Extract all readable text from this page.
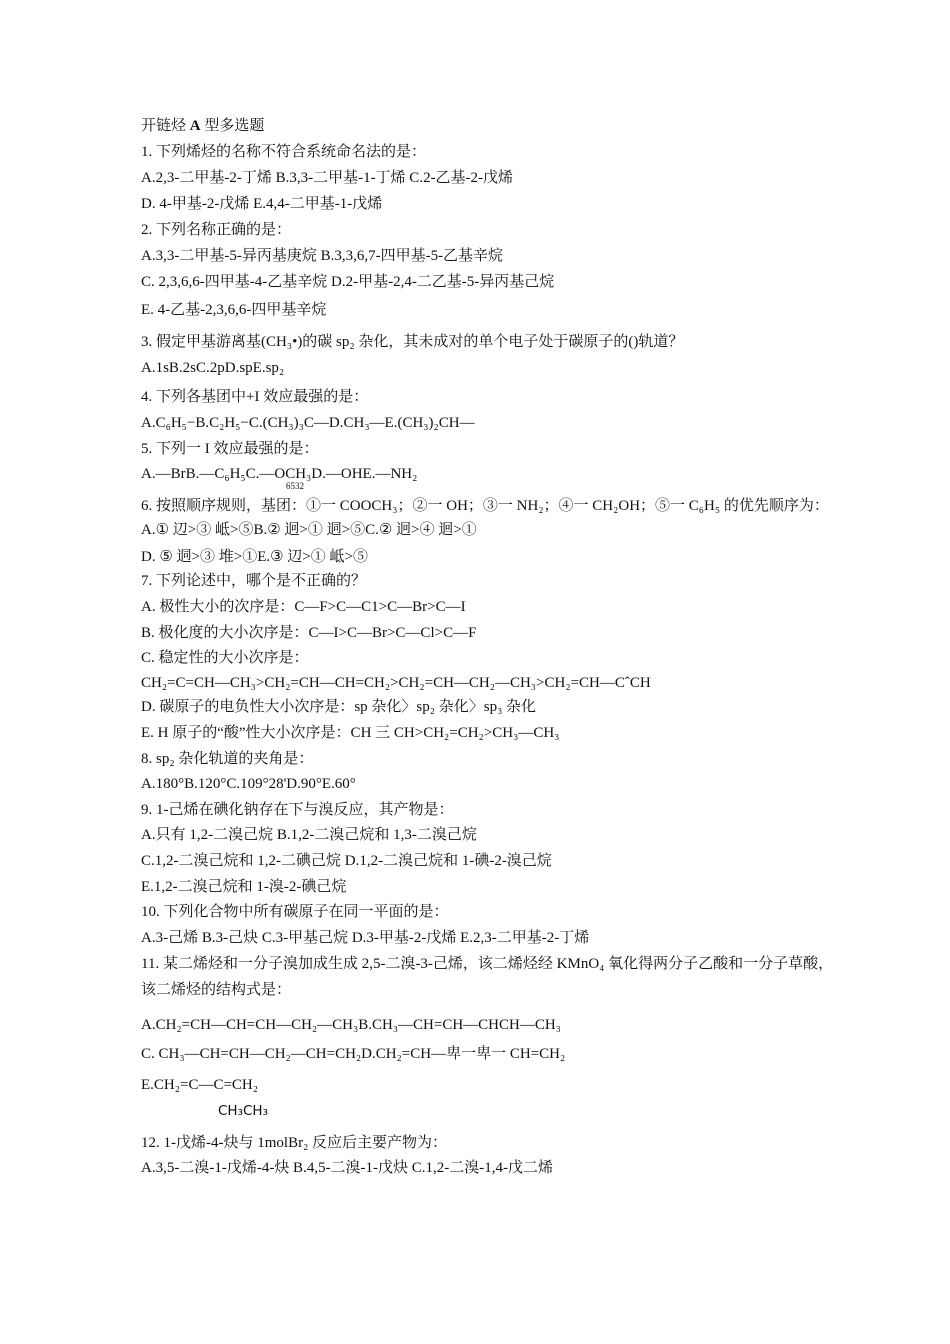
开链烃 A 型多选题
1. 下列烯烃的名称不符合系统命名法的是：
A.2,3-二甲基-2-丁烯 B.3,3-二甲基-1-丁烯 C.2-乙基-2-戊烯
D. 4-甲基-2-戊烯 E.4,4-二甲基-1-戊烯
2. 下列名称正确的是：
A.3,3-二甲基-5-异丙基庚烷 B.3,3,6,7-四甲基-5-乙基辛烷
C. 2,3,6,6-四甲基-4-乙基辛烷 D.2-甲基-2,4-二乙基-5-异丙基己烷
E. 4-乙基-2,3,6,6-四甲基辛烷
3. 假定甲基游离基(CH₃•)的碳 sp₂ 杂化，其未成对的单个电子处于碳原子的()轨道？
A.1sB.2sC.2pD.spE.sp₂
4. 下列各基团中+I 效应最强的是：
A.C₆H₅−B.C₂H₅−C.(CH₃)₃C—D.CH₃—E.(CH₃)₂CH—
5. 下列一 I 效应最强的是：
A.—BrB.—C₆H₅C.—OCH₃D.—OHE.—NH₂
6532
6. 按照顺序规则，基团：①一 COOCH₃；②一 OH；③一 NH₂；④一 CH₂OH；⑤一 C₆H₅ 的优先顺序为：
A.① 辺>③ 岻>⑤B.② 迥>① 迵>⑤C.② 迥>④ 迴>①
D. ⑤ 迵>③ 堆>①E.③ 辺>① 岻>⑤
7. 下列论述中，哪个是不正确的？
A. 极性大小的次序是：C—F>C—C1>C—Br>C—I
B. 极化度的大小次序是：C—I>C—Br>C—Cl>C—F
C. 稳定性的大小次序是：
CH₂=C=CH—CH₃>CH₂=CH—CH=CH₂>CH₂=CH—CH₂—CH₃>CH₂=CH—CˆCH
D. 碳原子的电负性大小次序是：sp 杂化〉sp₂ 杂化〉sp₃ 杂化
E. H 原子的“酸”性大小次序是：CH 三 CH>CH₂=CH₂>CH₃—CH₃
8. sp₂ 杂化轨道的夹角是：
A.180°B.120°C.109°28'D.90°E.60°
9. 1-己烯在碘化钠存在下与溴反应，其产物是：
A.只有 1,2-二溴己烷 B.1,2-二溴己烷和 1,3-二溴己烷
C.1,2-二溴己烷和 1,2-二碘己烷 D.1,2-二溴己烷和 1-碘-2-溴己烷
E.1,2-二溴己烷和 1-溴-2-碘己烷
10. 下列化合物中所有碳原子在同一平面的是：
A.3-己烯 B.3-己炔 C.3-甲基己烷 D.3-甲基-2-戊烯 E.2,3-二甲基-2-丁烯
11. 某二烯烃和一分子溴加成生成 2,5-二溴-3-己烯，该二烯烃经 KMnO₄ 氧化得两分子乙酸和一分子草酸，
该二烯烃的结构式是：
A.CH₂=CH—CH=CH—CH₂—CH₃B.CH₃—CH=CH—CHCH—CH₃
C. CH₃—CH=CH—CH₂—CH=CH₂D.CH₂=CH—卑一卑一 CH=CH₂
E.CH₂=C—C=CH₂
CH₃CH₃
12. 1-戊烯-4-炔与 1molBr₂ 反应后主要产物为：
A.3,5-二溴-1-戊烯-4-炔 B.4,5-二溴-1-戊炔 C.1,2-二溴-1,4-戊二烯
